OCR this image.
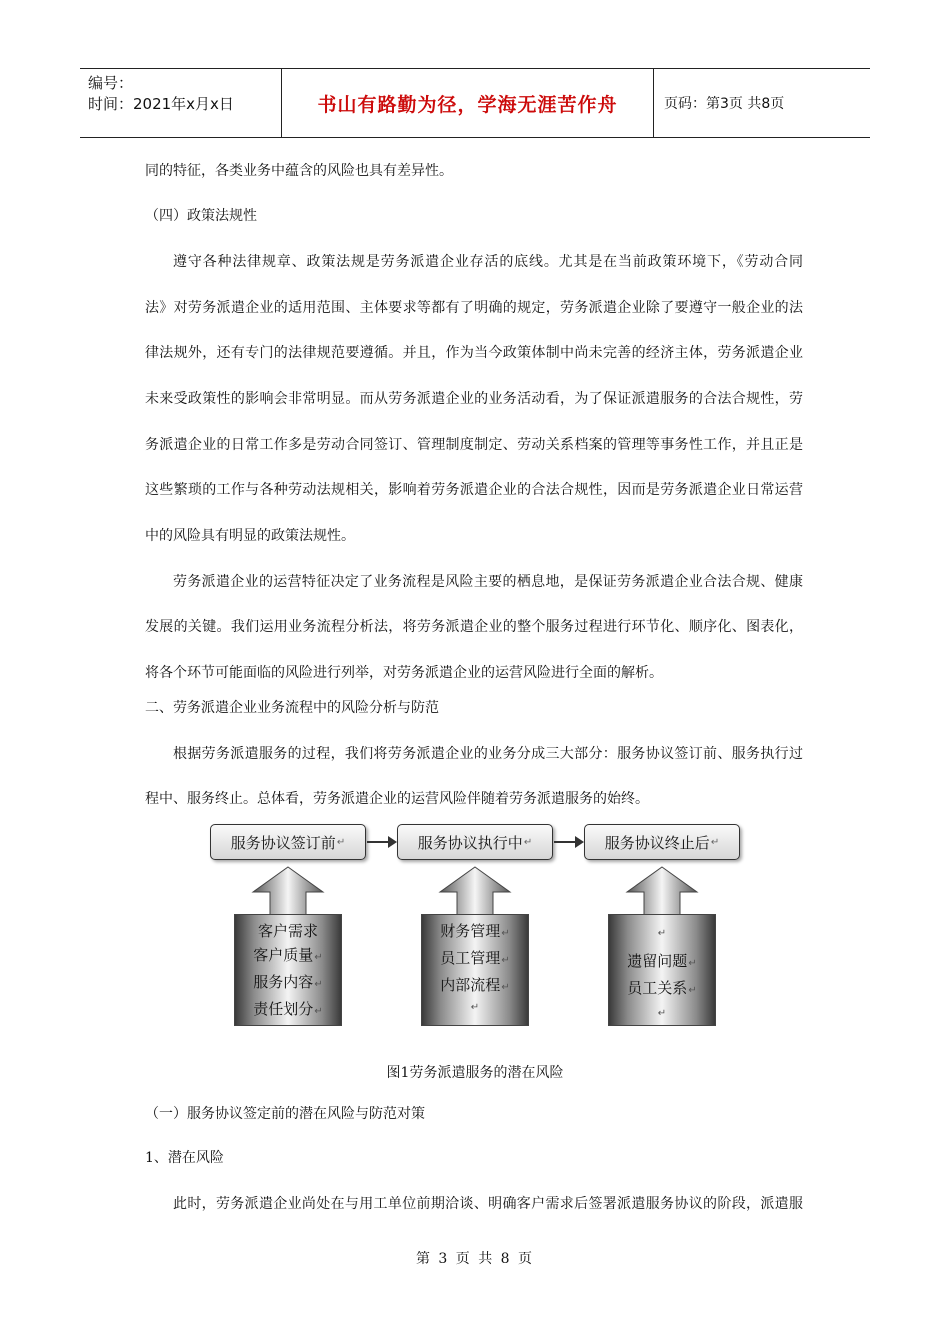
编号：
时间：2021年x月x日	书山有路勤为径，学海无涯苦作舟	页码：第3页 共8页
同的特征，各类业务中蕴含的风险也具有差异性。
（四）政策法规性
遵守各种法律规章、政策法规是劳务派遣企业存活的底线。尤其是在当前政策环境下，《劳动合同
法》对劳务派遣企业的适用范围、主体要求等都有了明确的规定，劳务派遣企业除了要遵守一般企业的法
律法规外，还有专门的法律规范要遵循。并且，作为当今政策体制中尚未完善的经济主体，劳务派遣企业
未来受政策性的影响会非常明显。而从劳务派遣企业的业务活动看，为了保证派遣服务的合法合规性，劳
务派遣企业的日常工作多是劳动合同签订、管理制度制定、劳动关系档案的管理等事务性工作，并且正是
这些繁琐的工作与各种劳动法规相关，影响着劳务派遣企业的合法合规性，因而是劳务派遣企业日常运营
中的风险具有明显的政策法规性。
劳务派遣企业的运营特征决定了业务流程是风险主要的栖息地，是保证劳务派遣企业合法合规、健康
发展的关键。我们运用业务流程分析法，将劳务派遣企业的整个服务过程进行环节化、顺序化、图表化，
将各个环节可能面临的风险进行列举，对劳务派遣企业的运营风险进行全面的解析。
二、劳务派遣企业业务流程中的风险分析与防范
根据劳务派遣服务的过程，我们将劳务派遣企业的业务分成三大部分：服务协议签订前、服务执行过
程中、服务终止。总体看，劳务派遣企业的运营风险伴随着劳务派遣服务的始终。
服务协议签订前 ↵	服务协议执行中 ↵	服务协议终止后 ↵
客户需求
客户质量↵
服务内容↵
责任划分↵
财务管理↵
员工管理↵
内部流程↵
↵
↵
遗留问题↵
员工关系↵
↵
图1劳务派遣服务的潜在风险
（一）服务协议签定前的潜在风险与防范对策
1、潜在风险
此时，劳务派遣企业尚处在与用工单位前期洽谈、明确客户需求后签署派遣服务协议的阶段，派遣服
第 3 页 共 8 页
